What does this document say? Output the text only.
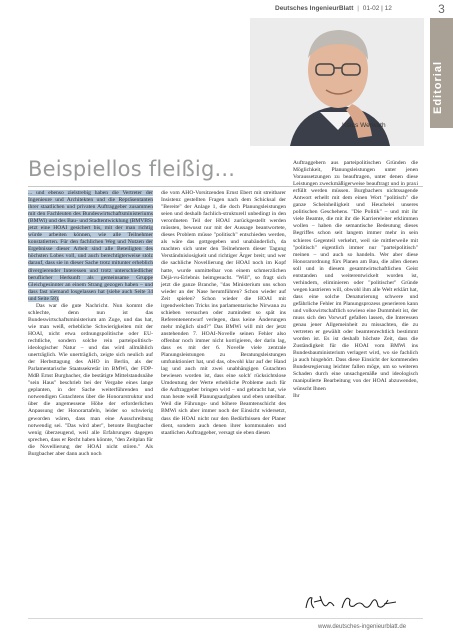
Deutsches IngenieurBlatt | 01-02 | 12	3
Editorial
Klaus Werwath
Beispiellos fleißig...

... und ebenso zielstrebig haben die Vertreter der Ingenieure und Architekten und die Repräsentanten ihrer staatlichen und privaten Auftraggeber zusammen mit den Fachleuten des Bundeswirtschaftsministeriums (BMWi) und des Bau- und Stadtentwicklung (BMVBS) jetzt eine HOAI gesichert bis, mit der man richtig würde arbeiten können, wie alle Teilnehmer konstatierten. Für den fachlichen Weg und Nutzen der Ergebnisse dieser Arbeit sind alle Beteiligten des höchsten Lobes voll, und auch berechtigterweise stolz darauf, dass sie in dieser Sache trotz mitunter erheblich divergierender Interessen und trotz unterschiedlicher beruflicher Herkunft als gemeinsame Gruppe Gleichgesinnter an einem Strang gezogen haben – und dass fast niemand losgelassen hat (siehe auch Seite 34 und Seite 58).

Das war die gute Nachricht. Nun kommt die schlechte, denn nun ist das Bundeswirtschaftsministerium am Zuge, und das hat, wie man weiß, erhebliche Schwierigkeiten mit der HOAI, nicht etwa ordnungspolitische oder EU-rechtliche, sondern solche rein parteipolitisch-ideologischer Natur – und das wird allmählich unerträglich. Wie unerträglich, zeigte sich neulich auf der Herbsttagung des AHO in Berlin, als der Parlamentarische Staatssekretär im BMWi, der FDP-MdB Ernst Burgbacher, die bestätigte Mittelstandsnähe "sein Haus" beschrieb bei der Vergabe eines lange geplanten, in der Sache weiterführenden und notwendigen Gutachtens über die Honorarstruktur und über die angemessene Höhe der erforderlichen Anpassung der Honorartafeln, leider so schwierig geworden wären, dass man eine Ausschreibung notwendig sei. "Das wird aber", betonte Burgbacher wenig überzeugend, weil alle Erfahrungen dagegen sprechen, dass er Recht haben könnte, "den Zeitplan für die Novellierung der HOAI nicht stören." Als Burgbacher aber dann auch noch

die vom AHO-Vorsitzenden Ernst Ebert mit streitbarer Insistenz gestellten Fragen nach dem Schicksal der "Bereite" der Anlage 1, die doch Planungsleistungen seien und deshalb fachlich-strukturell unbedingt in den verordneten Teil der HOAI zurückgestellt werden müssten, bewusst nur mit der Aussage beantwortete, dieses Problem müsse "politisch" entschieden werden, als wäre das gottgegeben und unabänderlich, da machten sich unter den Teilnehmern dieser Tagung Verständnislosigkeit und richtiger Ärger breit; und wer die sachliche Novellierung der HOAI noch im Kopf hatte, wurde unmittelbar von einem schmerzlichen Déjà-vu-Erlebnis heimgesucht. "Will", so fragt sich jetzt die ganze Branche, "das Ministerium uns schon wieder an der Nase herumführen? Schon wieder auf Zeit spielen? Schon wieder die HOAI mit irgendwelchen Tricks ins parlamentarische Nirwana zu schieben versuchen oder zumindest so spät ins Referentenentwurf verlegen, dass keine Änderungen mehr möglich sind?" Das BMWi will mit der jetzt anstehenden 7. HOAI-Novelle seinen Fehler also offenbar noch immer nicht korrigieren, der darin lag, dass es mit der 6. Novelle viele zentrale Planungsleistungen zu Beratungsleistungen umfunktioniert hat, und das, obwohl klar auf der Hand lag und auch mit zwei unabhängigen Gutachten bewiesen worden ist, dass eine solch' rücksichtslose Umdeutung der Werte erhebliche Probleme auch für die Auftraggeber bringen wird – und gebracht hat, wie man heute weiß Planungsaufgaben und eben unteilbar. Weil die Führungs- und höhere Beamtenschicht des BMWi sich aber immer noch der Einsicht widersetzt, dass die HOAI nicht nur den Bedürfnissen der Planer dient, sondern auch denen ihrer kommunalen und staatlichen Auftraggeber, versagt sie eben diesen

Auftraggebern aus parteipolitischen Gründen die Möglichkeit, Planungsleistungen unter jenen Voraussetzungen zu beauftragen, unter denen diese Leistungen zweckmäßigerweise beauftragt und in praxi erfüllt werden müssen. Burgbachers nichtssagende Antwort erhellt mit dem einen Wort "politisch" die ganze Scheinheiligkeit und Heuchelei unseres politischen Geschehens. "Die Politik" – und mit ihr viele Beamte, die mit ihr die Karriereleiter erklimmen wollen – haben die semantische Bedeutung dieses Begriffes schon seit langem immer mehr in sein schieres Gegenteil verkehrt, weil sie mittlerweile mit "politisch" eigentlich immer nur "parteipolitisch" meinen – und auch so handeln. Wer aber diese Honorarordnung fürs Planen am Bau, die allen dienen soll und in diesem gesamtwirtschaftlichen Geist entstanden und weiterentwickelt worden ist, verhindern, eliminieren oder "politischer" Gründe wegen kastrieren will, obwohl ihm alle Welt erklärt hat, dass eine solche Denaturierung schwere und gefährliche Fehler im Planungsprozess generieren kann und volkswirtschaftlich sowieso eine Dummheit ist, der muss sich den Vorwurf gefallen lassen, die Interessen genau jener Allgemeinheit zu missachten, die zu vertreten er gewählt oder beamtenrechtlich bestimmt worden ist. Es ist deshalb höchste Zeit, dass die Zuständigkeit für die HOAI vom BMWi ins Bundesbauministerium verlagert wird, wo sie fachlich ja auch hingehört. Dass diese Einsicht der kommenden Bundesregierung leichter fallen möge, um so weiteren Schaden durch eine unsachgemäße und ideologisch manipulierte Bearbeitung von der HOAI abzuwenden, wünscht Ihnen

Ihr

www.deutsches-ingenieurblatt.de
